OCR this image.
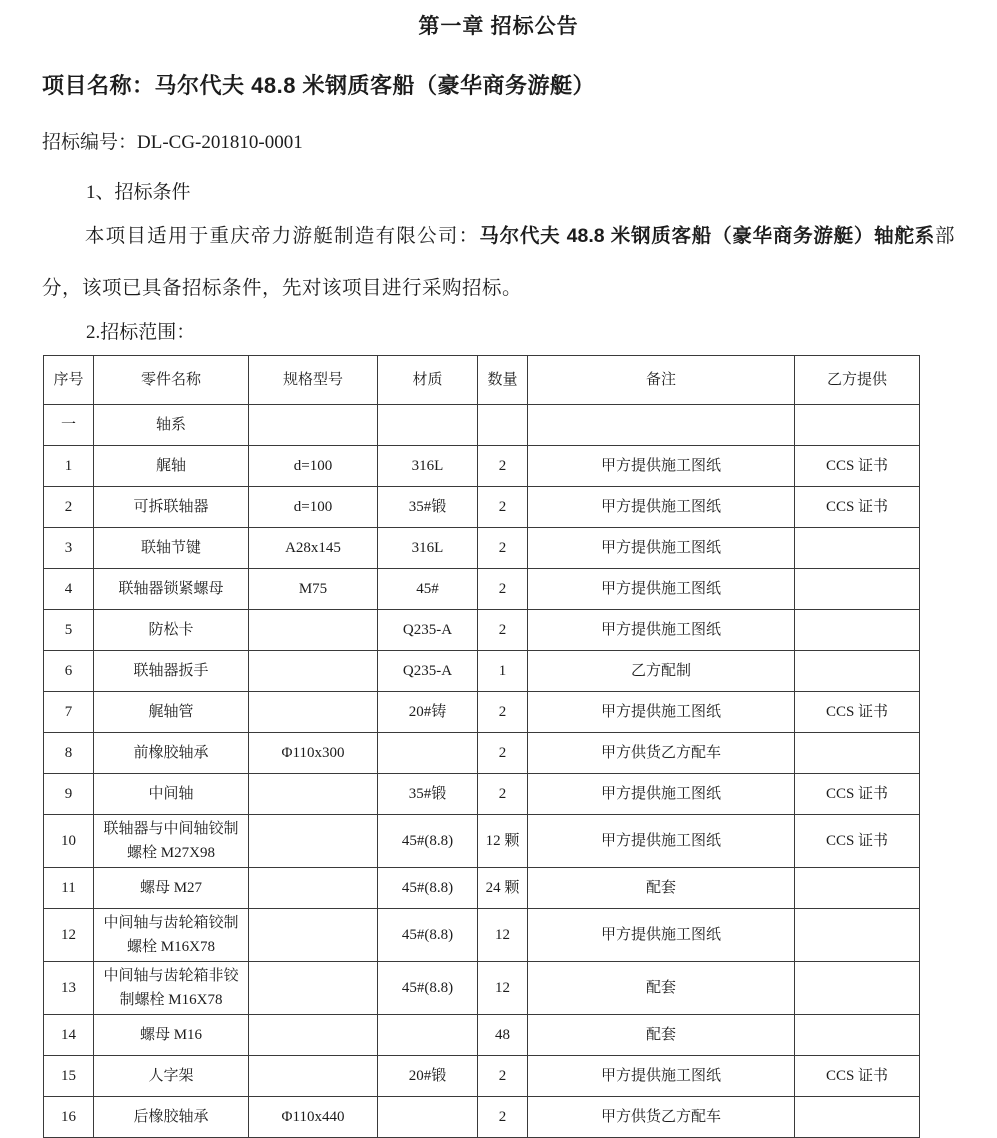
第一章 招标公告
项目名称：马尔代夫 48.8 米钢质客船（豪华商务游艇）

招标编号：DL-CG-201810-0001

1、招标条件

本项目适用于重庆帝力游艇制造有限公司：马尔代夫 48.8 米钢质客船（豪华商务游艇）轴舵系部分，该项已具备招标条件，先对该项目进行采购招标。

2.招标范围：

序号	零件名称	规格型号	材质	数量	备注	乙方提供
一	轴系					
1	艉轴	d=100	316L	2	甲方提供施工图纸	CCS 证书
2	可拆联轴器	d=100	35#锻	2	甲方提供施工图纸	CCS 证书
3	联轴节键	A28x145	316L	2	甲方提供施工图纸	
4	联轴器锁紧螺母	M75	45#	2	甲方提供施工图纸	
5	防松卡		Q235-A	2	甲方提供施工图纸	
6	联轴器扳手		Q235-A	1	乙方配制	
7	艉轴管		20#铸	2	甲方提供施工图纸	CCS 证书
8	前橡胶轴承	Φ110x300		2	甲方供货乙方配车	
9	中间轴		35#锻	2	甲方提供施工图纸	CCS 证书
10	联轴器与中间轴铰制螺栓 M27X98		45#(8.8)	12 颗	甲方提供施工图纸	CCS 证书
11	螺母 M27		45#(8.8)	24 颗	配套	
12	中间轴与齿轮箱铰制螺栓 M16X78		45#(8.8)	12	甲方提供施工图纸	
13	中间轴与齿轮箱非铰制螺栓 M16X78		45#(8.8)	12	配套	
14	螺母 M16			48	配套	
15	人字架		20#锻	2	甲方提供施工图纸	CCS 证书
16	后橡胶轴承	Φ110x440		2	甲方供货乙方配车	
